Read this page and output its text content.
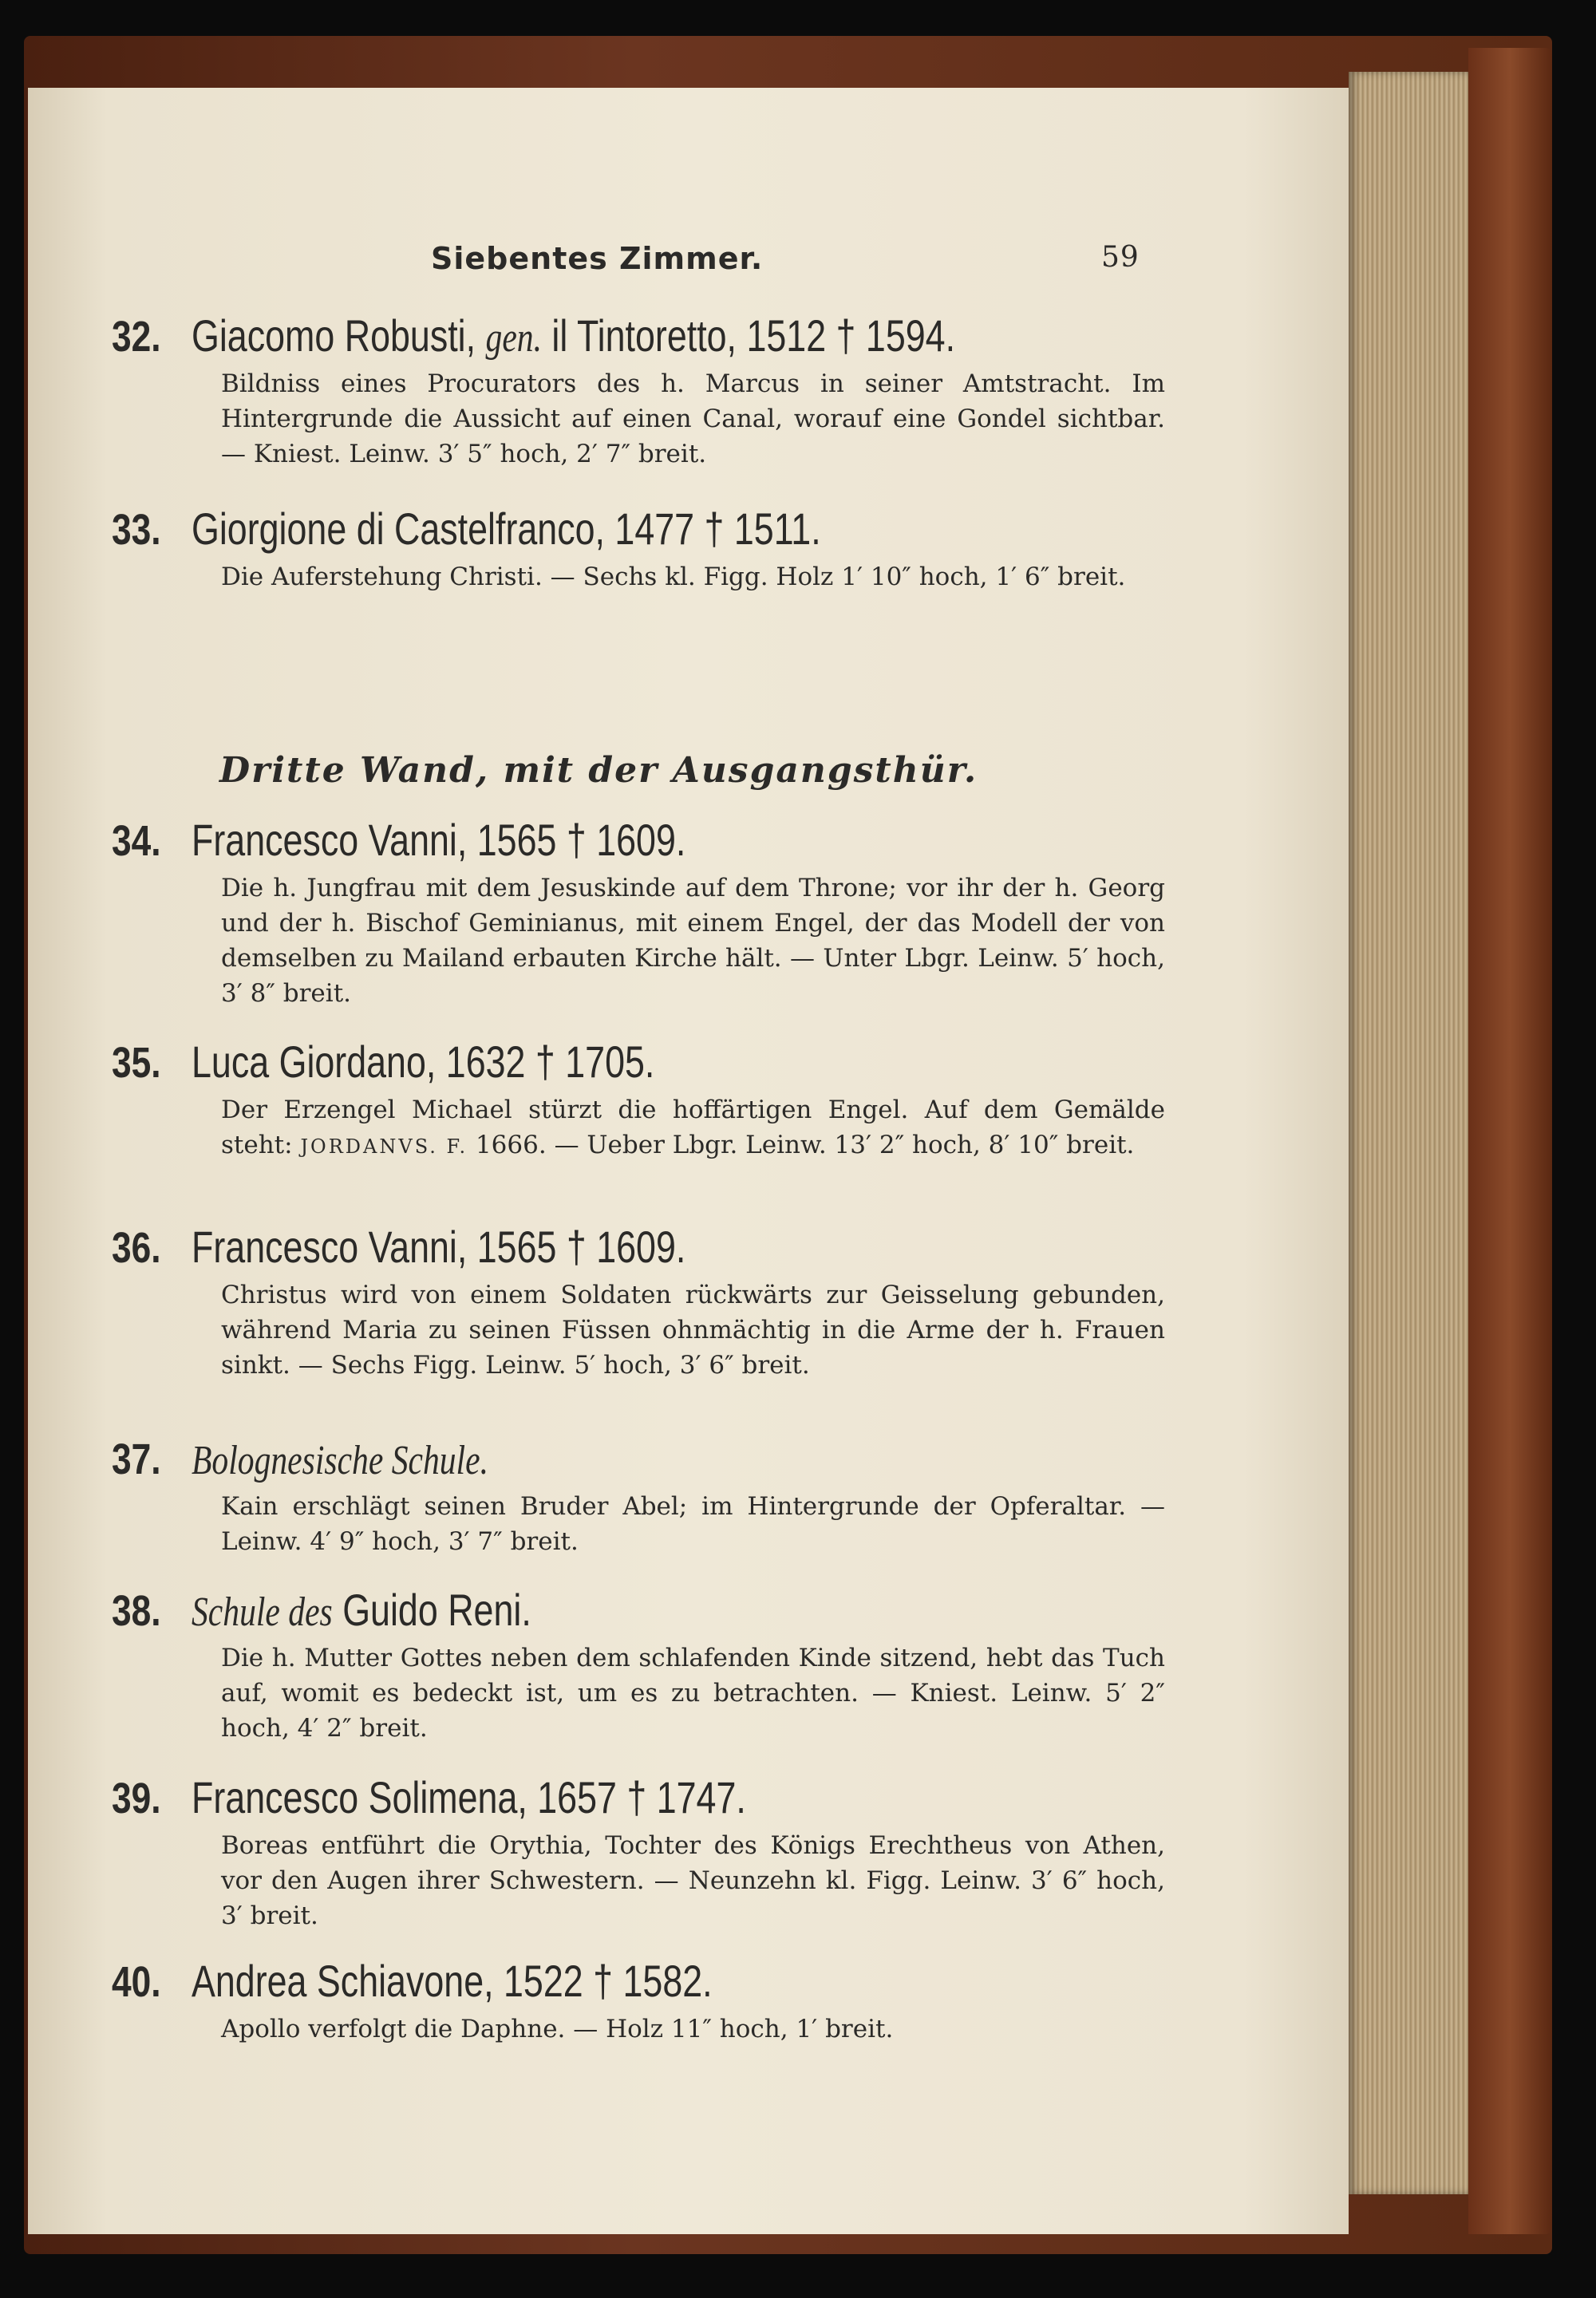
Siebentes Zimmer.	59
32. Giacomo Robusti, gen. il Tintoretto, 1512 † 1594.
Bildniss eines Procurators des h. Marcus in seiner Amtstracht. Im Hintergrunde die Aussicht auf einen Canal, worauf eine Gondel sichtbar. — Kniest. Leinw. 3′ 5″ hoch, 2′ 7″ breit.
33. Giorgione di Castelfranco, 1477 † 1511.
Die Auferstehung Christi. — Sechs kl. Figg. Holz 1′ 10″ hoch, 1′ 6″ breit.
Dritte Wand, mit der Ausgangsthür.
34. Francesco Vanni, 1565 † 1609.
Die h. Jungfrau mit dem Jesuskinde auf dem Throne; vor ihr der h. Georg und der h. Bischof Geminianus, mit einem Engel, der das Modell der von demselben zu Mailand erbauten Kirche hält. — Unter Lbgr. Leinw. 5′ hoch, 3′ 8″ breit.
35. Luca Giordano, 1632 † 1705.
Der Erzengel Michael stürzt die hoffärtigen Engel. Auf dem Gemälde steht: JORDANVS. F. 1666. — Ueber Lbgr. Leinw. 13′ 2″ hoch, 8′ 10″ breit.
36. Francesco Vanni, 1565 † 1609.
Christus wird von einem Soldaten rückwärts zur Geisselung gebunden, während Maria zu seinen Füssen ohnmächtig in die Arme der h. Frauen sinkt. — Sechs Figg. Leinw. 5′ hoch, 3′ 6″ breit.
37. Bolognesische Schule.
Kain erschlägt seinen Bruder Abel; im Hintergrunde der Opferaltar. — Leinw. 4′ 9″ hoch, 3′ 7″ breit.
38. Schule des Guido Reni.
Die h. Mutter Gottes neben dem schlafenden Kinde sitzend, hebt das Tuch auf, womit es bedeckt ist, um es zu betrachten. — Kniest. Leinw. 5′ 2″ hoch, 4′ 2″ breit.
39. Francesco Solimena, 1657 † 1747.
Boreas entführt die Orythia, Tochter des Königs Erechtheus von Athen, vor den Augen ihrer Schwestern. — Neunzehn kl. Figg. Leinw. 3′ 6″ hoch, 3′ breit.
40. Andrea Schiavone, 1522 † 1582.
Apollo verfolgt die Daphne. — Holz 11″ hoch, 1′ breit.
